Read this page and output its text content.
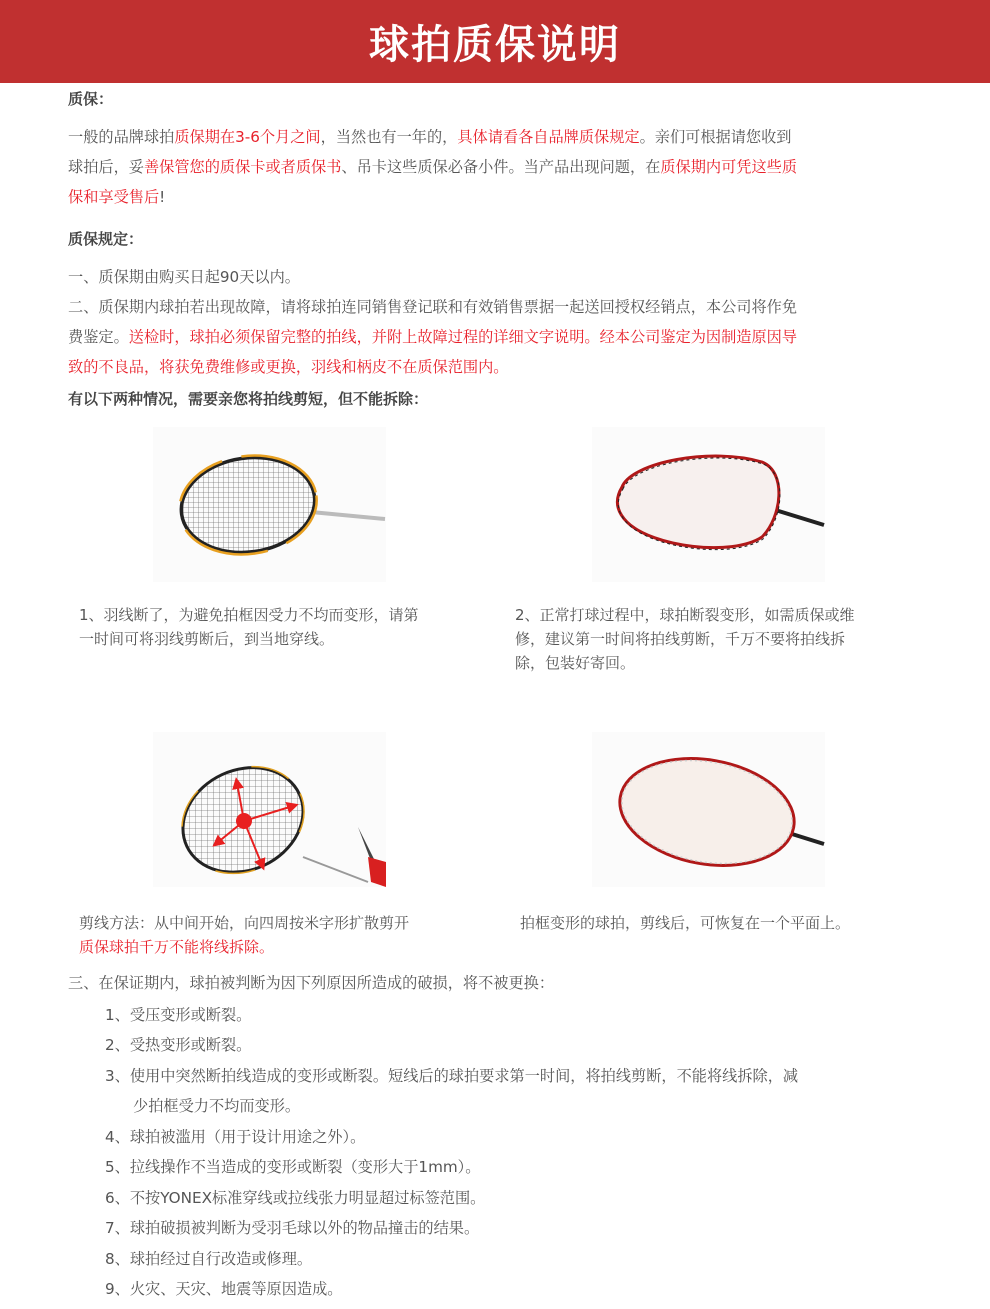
球拍质保说明
质保：
一般的品牌球拍质保期在3-6个月之间，当然也有一年的，具体请看各自品牌质保规定。亲们可根据请您收到
球拍后，妥善保管您的质保卡或者质保书、吊卡这些质保必备小件。当产品出现问题，在质保期内可凭这些质
保和享受售后!
质保规定：
一、质保期由购买日起90天以内。
二、质保期内球拍若出现故障，请将球拍连同销售登记联和有效销售票据一起送回授权经销点，本公司将作免
费鉴定。送检时，球拍必须保留完整的拍线，并附上故障过程的详细文字说明。经本公司鉴定为因制造原因导
致的不良品，将获免费维修或更换，羽线和柄皮不在质保范围内。
有以下两种情况，需要亲您将拍线剪短，但不能拆除：
1、羽线断了，为避免拍框因受力不均而变形，请第
一时间可将羽线剪断后，到当地穿线。
2、正常打球过程中，球拍断裂变形，如需质保或维
修，建议第一时间将拍线剪断，千万不要将拍线拆
除，包装好寄回。
剪线方法：从中间开始，向四周按米字形扩散剪开
质保球拍千万不能将线拆除。
拍框变形的球拍，剪线后，可恢复在一个平面上。
三、在保证期内，球拍被判断为因下列原因所造成的破损，将不被更换：
1、受压变形或断裂。
2、受热变形或断裂。
3、使用中突然断拍线造成的变形或断裂。短线后的球拍要求第一时间，将拍线剪断，不能将线拆除，减
少拍框受力不均而变形。
4、球拍被滥用（用于设计用途之外）。
5、拉线操作不当造成的变形或断裂（变形大于1mm）。
6、不按YONEX标准穿线或拉线张力明显超过标签范围。
7、球拍破损被判断为受羽毛球以外的物品撞击的结果。
8、球拍经过自行改造或修理。
9、火灾、天灾、地震等原因造成。
